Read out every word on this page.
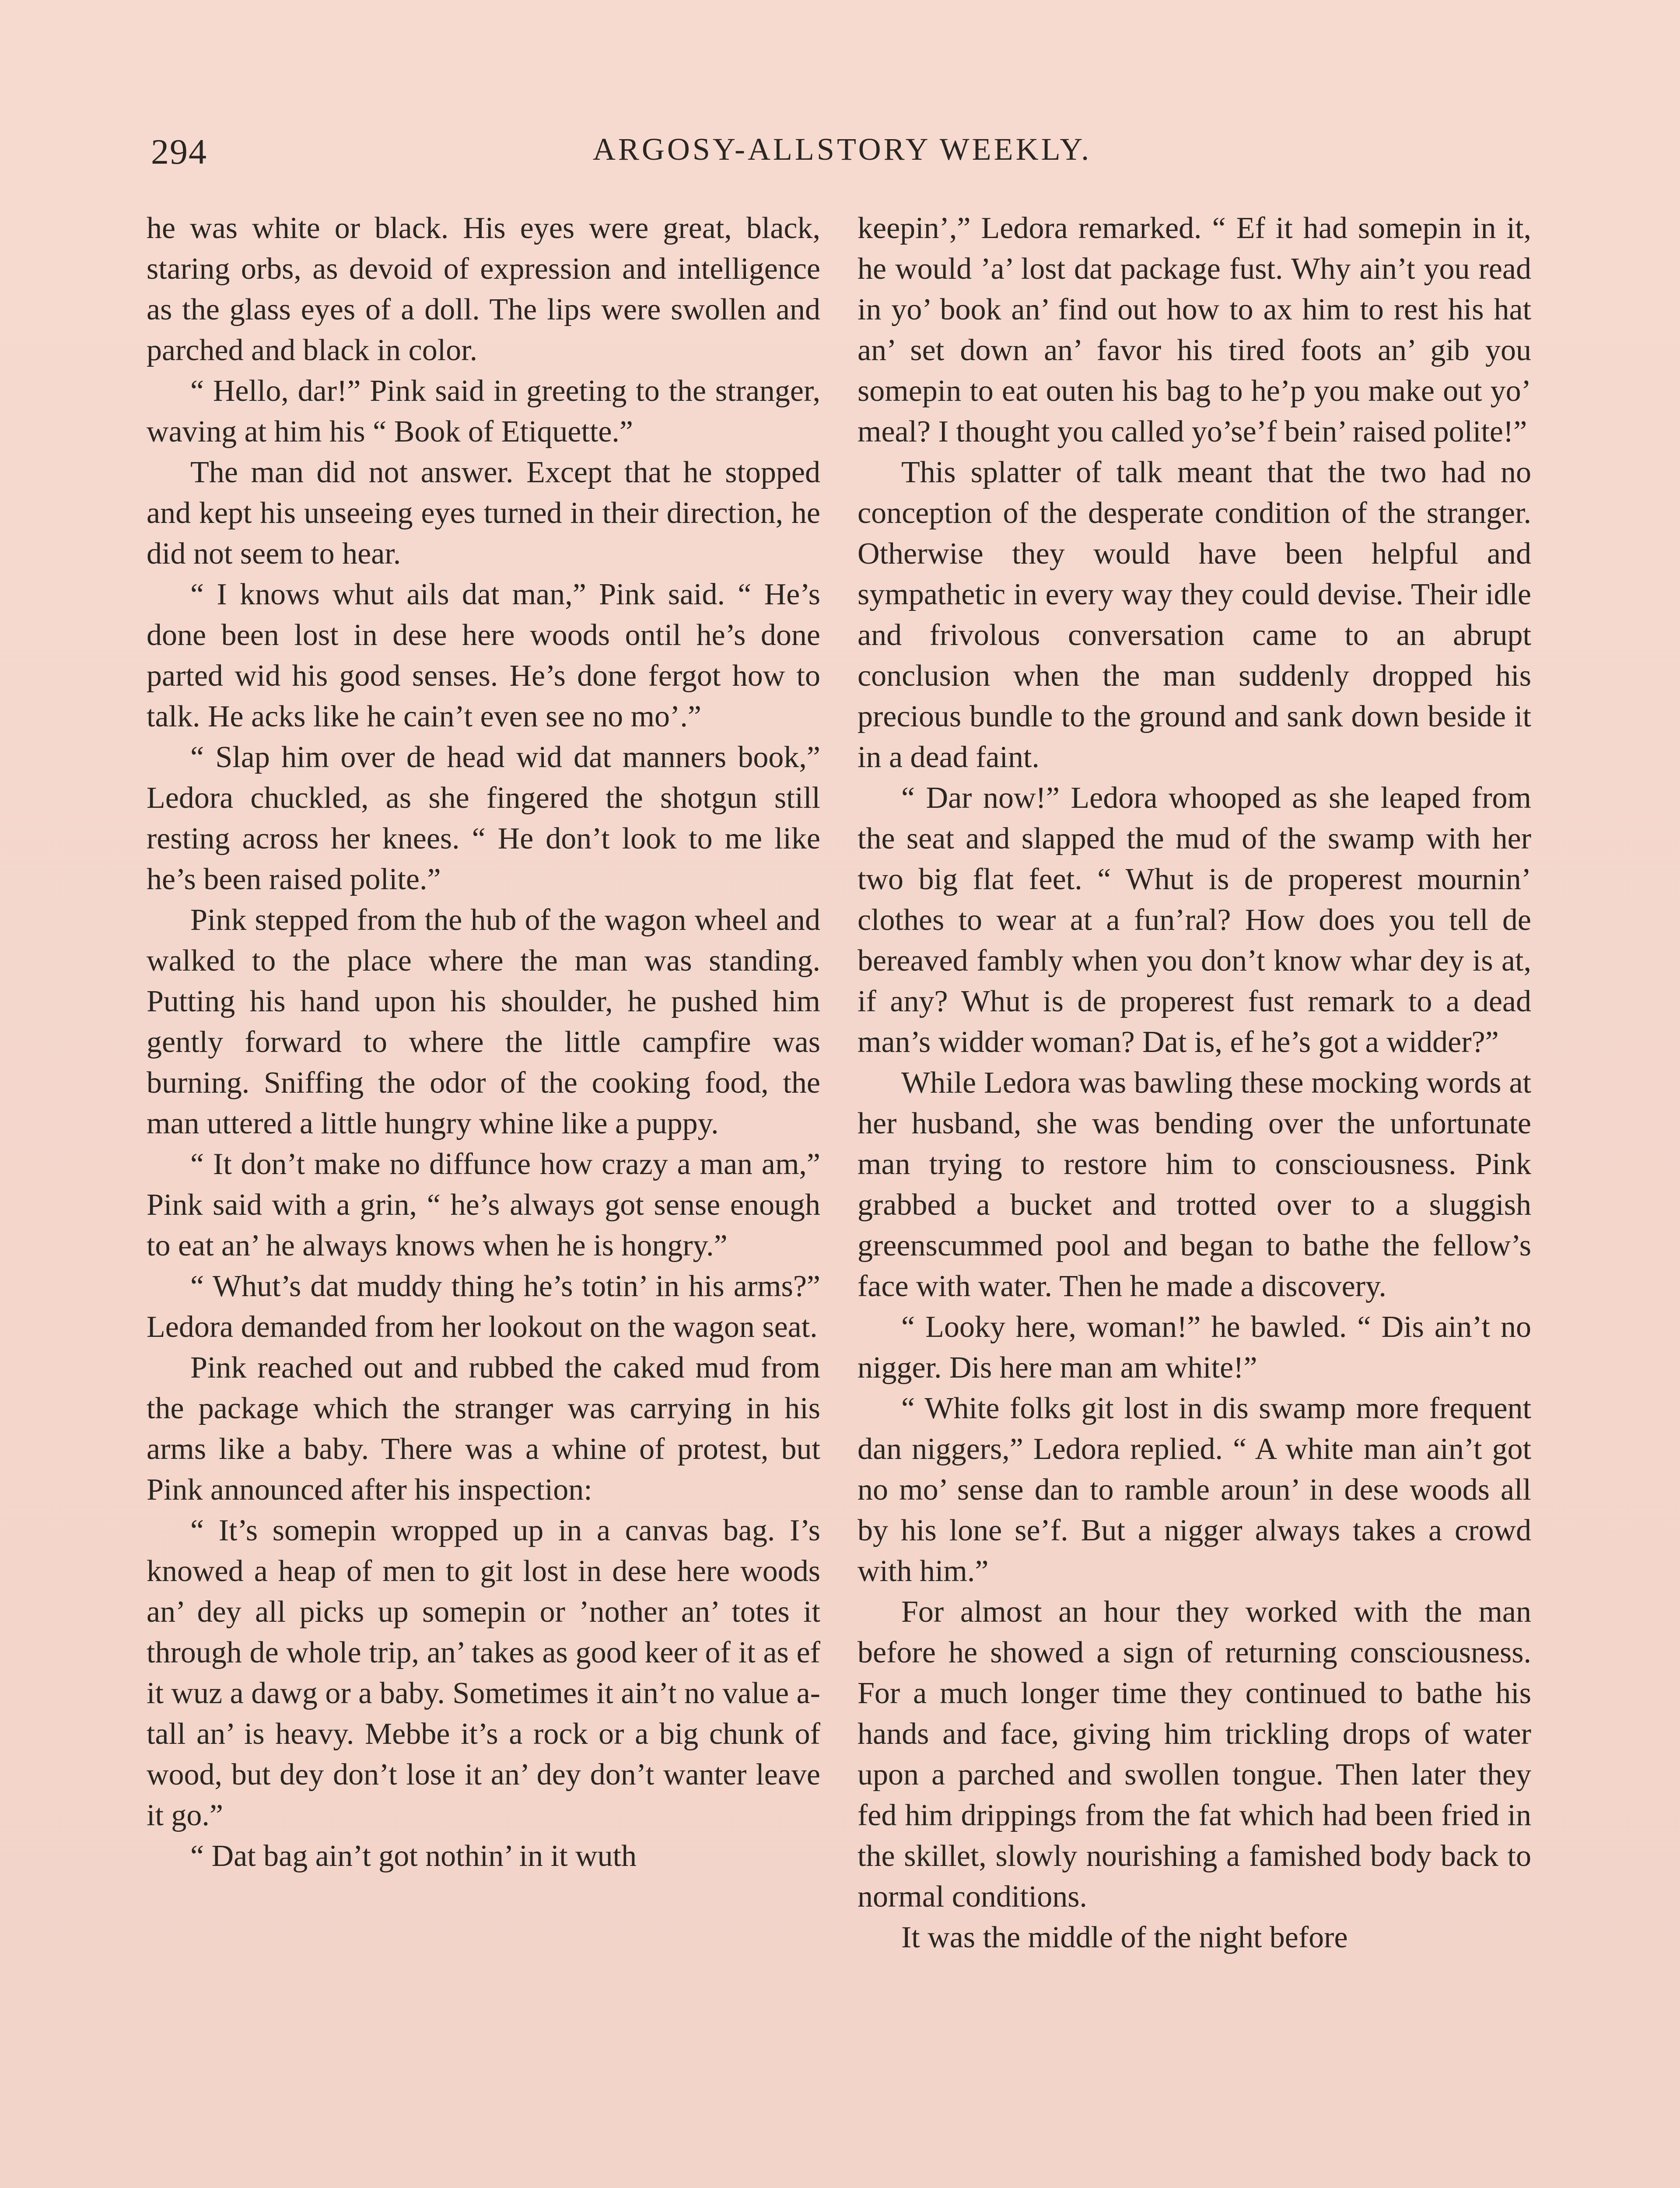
294	ARGOSY-ALLSTORY WEEKLY.

he was white or black. His eyes were great, black, staring orbs, as devoid of expression and intelligence as the glass eyes of a doll. The lips were swollen and parched and black in color.

“ Hello, dar!” Pink said in greeting to the stranger, waving at him his “ Book of Etiquette.”

The man did not answer. Except that he stopped and kept his unseeing eyes turned in their direction, he did not seem to hear.

“ I knows whut ails dat man,” Pink said. “ He’s done been lost in dese here woods ontil he’s done parted wid his good senses. He’s done fergot how to talk. He acks like he cain’t even see no mo’.”

“ Slap him over de head wid dat manners book,” Ledora chuckled, as she fingered the shotgun still resting across her knees. “ He don’t look to me like he’s been raised polite.”

Pink stepped from the hub of the wagon wheel and walked to the place where the man was standing. Putting his hand upon his shoulder, he pushed him gently forward to where the little campfire was burning. Sniffing the odor of the cooking food, the man uttered a little hungry whine like a puppy.

“ It don’t make no diffunce how crazy a man am,” Pink said with a grin, “ he’s always got sense enough to eat an’ he always knows when he is hongry.”

“ Whut’s dat muddy thing he’s totin’ in his arms?” Ledora demanded from her lookout on the wagon seat.

Pink reached out and rubbed the caked mud from the package which the stranger was carrying in his arms like a baby. There was a whine of protest, but Pink announced after his inspection:

“ It’s somepin wropped up in a canvas bag. I’s knowed a heap of men to git lost in dese here woods an’ dey all picks up somepin or ’nother an’ totes it through de whole trip, an’ takes as good keer of it as ef it wuz a dawg or a baby. Sometimes it ain’t no value a-tall an’ is heavy. Mebbe it’s a rock or a big chunk of wood, but dey don’t lose it an’ dey don’t wanter leave it go.”

“ Dat bag ain’t got nothin’ in it wuth

keepin’,” Ledora remarked. “ Ef it had somepin in it, he would ’a’ lost dat package fust. Why ain’t you read in yo’ book an’ find out how to ax him to rest his hat an’ set down an’ favor his tired foots an’ gib you somepin to eat outen his bag to he’p you make out yo’ meal? I thought you called yo’se’f bein’ raised polite!”

This splatter of talk meant that the two had no conception of the desperate condition of the stranger. Otherwise they would have been helpful and sympathetic in every way they could devise. Their idle and frivolous conversation came to an abrupt conclusion when the man suddenly dropped his precious bundle to the ground and sank down beside it in a dead faint.

“ Dar now!” Ledora whooped as she leaped from the seat and slapped the mud of the swamp with her two big flat feet. “ Whut is de properest mournin’ clothes to wear at a fun’ral? How does you tell de bereaved fambly when you don’t know whar dey is at, if any? Whut is de properest fust remark to a dead man’s widder woman? Dat is, ef he’s got a widder?”

While Ledora was bawling these mocking words at her husband, she was bending over the unfortunate man trying to restore him to consciousness. Pink grabbed a bucket and trotted over to a sluggish greenscummed pool and began to bathe the fellow’s face with water. Then he made a discovery.

“ Looky here, woman!” he bawled. “ Dis ain’t no nigger. Dis here man am white!”

“ White folks git lost in dis swamp more frequent dan niggers,” Ledora replied. “ A white man ain’t got no mo’ sense dan to ramble aroun’ in dese woods all by his lone se’f. But a nigger always takes a crowd with him.”

For almost an hour they worked with the man before he showed a sign of returning consciousness. For a much longer time they continued to bathe his hands and face, giving him trickling drops of water upon a parched and swollen tongue. Then later they fed him drippings from the fat which had been fried in the skillet, slowly nourishing a famished body back to normal conditions.

It was the middle of the night before
